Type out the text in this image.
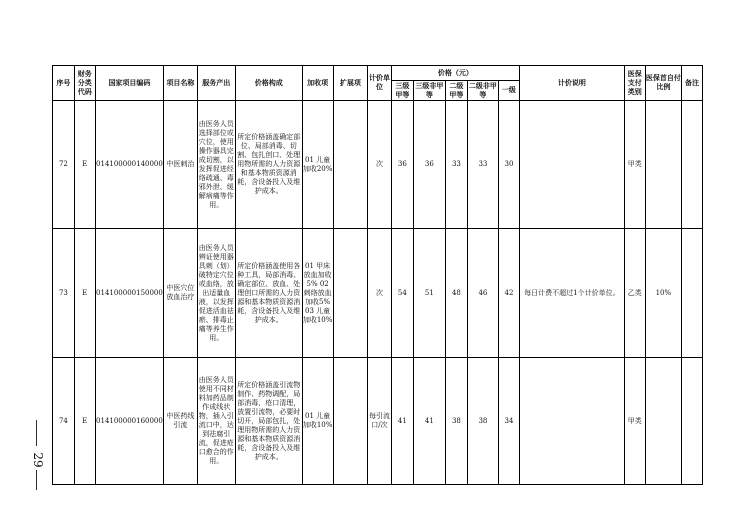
29
序号	财务分类代码	国家项目编码	项目名称	服务产出	价格构成	加收项	扩展项	计价单位	价格（元）					计价说明	医保支付类别	医保首自付比例	备注
									三级甲等	三级非甲等	二级甲等	二级非甲等	一级				
72	E	014100000140000	中医刺治	由医务人员选择部位或穴位，使用操作器具完成切割，以发挥促进经络疏通、毒邪外泄、缓解病痛等作用。	所定价格涵盖确定部位、局部消毒、切割、包扎创口、处理用物所需的人力资源和基本物质资源消耗，含设备投入及维护成本。	01 儿童加收20%		次	36	36	33	33	30		甲类		
73	E	014100000150000	中医穴位放血治疗	由医务人员辨证使用器具刺（划）破特定穴位或血络，放出适量血液，以发挥促进活血祛瘀、排毒止痛等养生作用。	所定价格涵盖使用各种工具，局部消毒、确定部位、放血、处理创口所需的人力资源和基本物质资源消耗，含设备投入及维护成本。	01 甲床放血加收5% 02 刺络放血加收5% 03 儿童加收10%		次	54	51	48	46	42	每日计费不超过1个计价单位。	乙类	10%	
74	E	014100000160000	中医药线引流	由医务人员使用不同材料加药品制作成线状物，插入引流口中，达到祛腐引流，促进疮口愈合的作用。	所定价格涵盖引流物制作、药物调配，局部消毒，疮口清理，放置引流物，必要时切开，局部包扎，处理用物所需的人力资源和基本物质资源消耗，含设备投入及维护成本。	01 儿童加收10%		每引流口/次	41	41	38	38	34		甲类		
